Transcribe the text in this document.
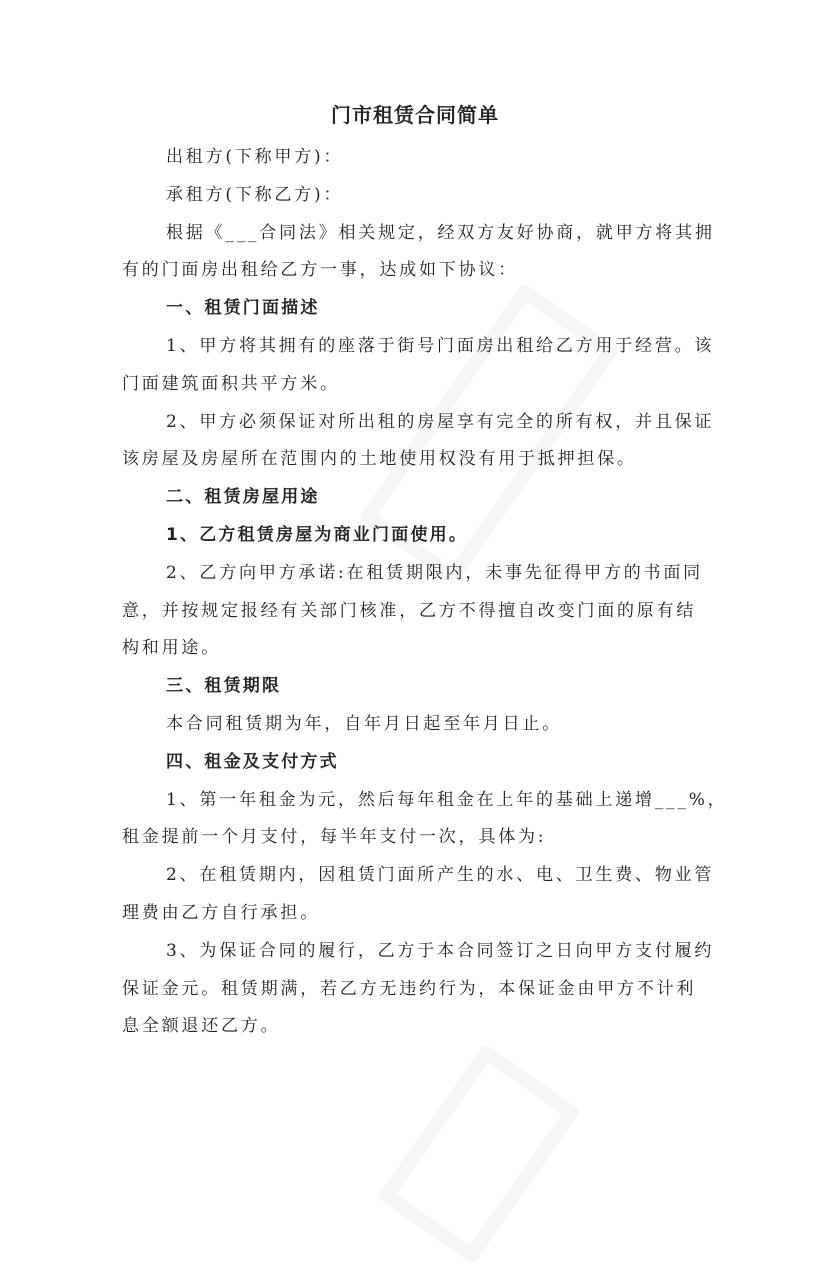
门市租赁合同简单
出租方(下称甲方)：
承租方(下称乙方)：
根据《___合同法》相关规定，经双方友好协商，就甲方将其拥
有的门面房出租给乙方一事，达成如下协议：
一、租赁门面描述
1、甲方将其拥有的座落于街号门面房出租给乙方用于经营。该
门面建筑面积共平方米。
2、甲方必须保证对所出租的房屋享有完全的所有权，并且保证
该房屋及房屋所在范围内的土地使用权没有用于抵押担保。
二、租赁房屋用途
1、乙方租赁房屋为商业门面使用。
2、乙方向甲方承诺:在租赁期限内，未事先征得甲方的书面同
意，并按规定报经有关部门核准，乙方不得擅自改变门面的原有结
构和用途。
三、租赁期限
本合同租赁期为年，自年月日起至年月日止。
四、租金及支付方式
1、第一年租金为元，然后每年租金在上年的基础上递增___%，
租金提前一个月支付，每半年支付一次，具体为:
2、在租赁期内，因租赁门面所产生的水、电、卫生费、物业管
理费由乙方自行承担。
3、为保证合同的履行，乙方于本合同签订之日向甲方支付履约
保证金元。租赁期满，若乙方无违约行为，本保证金由甲方不计利
息全额退还乙方。
